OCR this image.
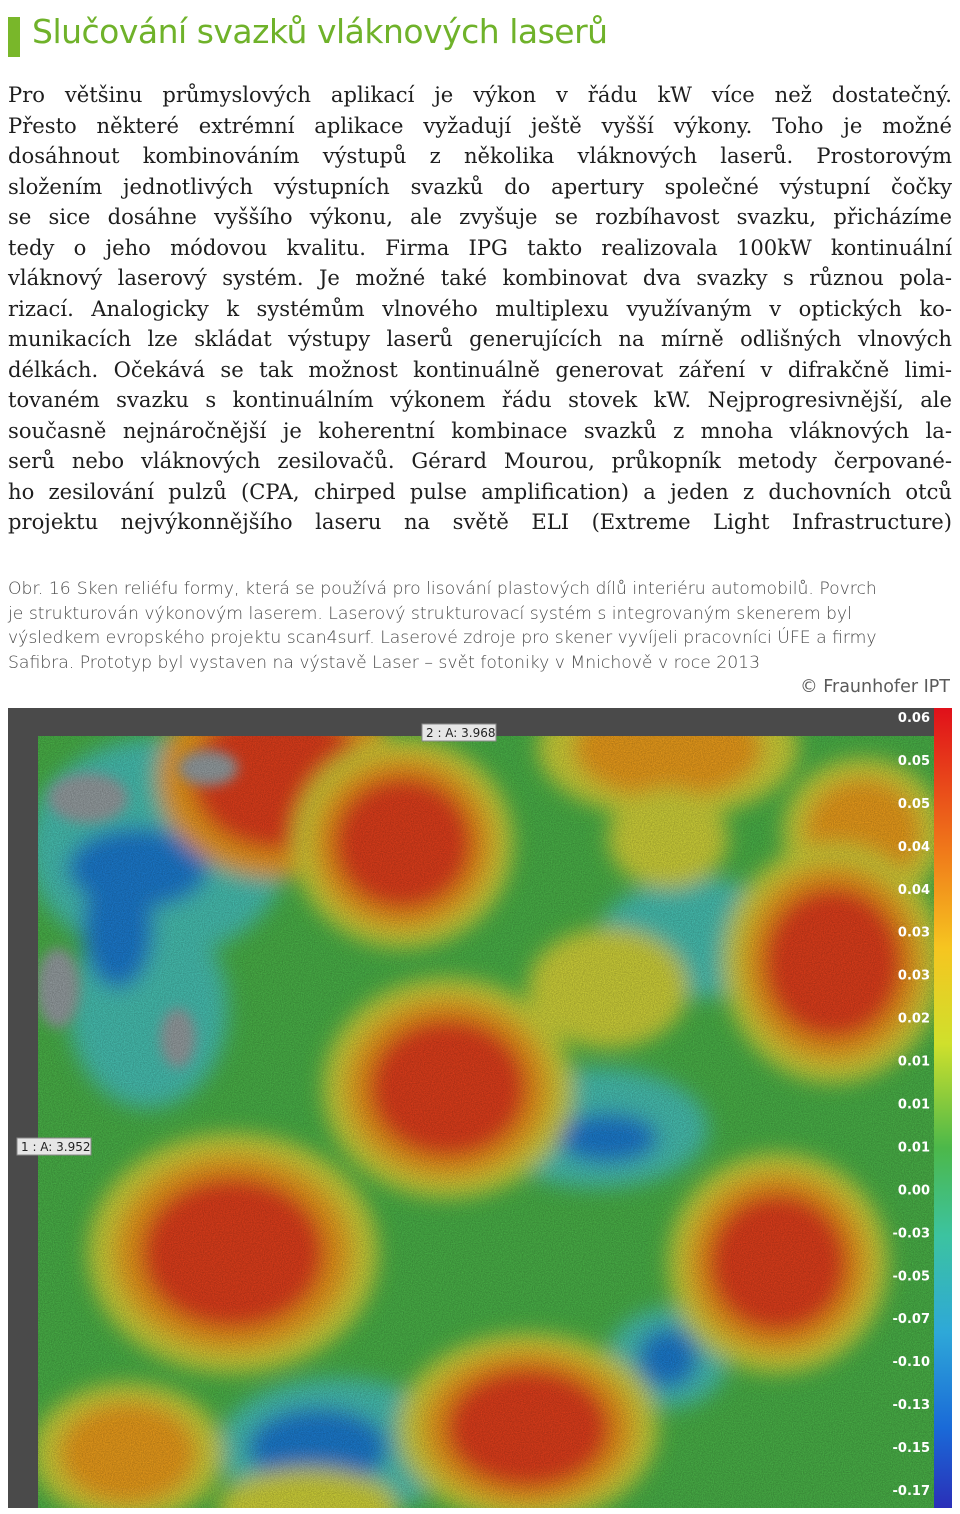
Slučování svazků vláknových laserů
Pro většinu průmyslových aplikací je výkon v řádu kW více než dostatečný.
Přesto některé extrémní aplikace vyžadují ještě vyšší výkony. Toho je možné
dosáhnout kombinováním výstupů z několika vláknových laserů. Prostorovým
složením jednotlivých výstupních svazků do apertury společné výstupní čočky
se sice dosáhne vyššího výkonu, ale zvyšuje se rozbíhavost svazku, přicházíme
tedy o jeho módovou kvalitu. Firma IPG takto realizovala 100kW kontinuální
vláknový laserový systém. Je možné také kombinovat dva svazky s různou pola-
rizací. Analogicky k systémům vlnového multiplexu využívaným v optických ko-
munikacích lze skládat výstupy laserů generujících na mírně odlišných vlnových
délkách. Očekává se tak možnost kontinuálně generovat záření v difrakčně limi-
tovaném svazku s kontinuálním výkonem řádu stovek kW. Nejprogresivnější, ale
současně nejnáročnější je koherentní kombinace svazků z mnoha vláknových la-
serů nebo vláknových zesilovačů. Gérard Mourou, průkopník metody čerpované-
ho zesilování pulzů (CPA, chirped pulse amplification) a jeden z duchovních otců
projektu nejvýkonnějšího laseru na světě ELI (Extreme Light Infrastructure)
Obr. 16 Sken reliéfu formy, která se používá pro lisování plastových dílů interiéru automobilů. Povrch
je strukturován výkonovým laserem. Laserový strukturovací systém s integrovaným skenerem byl
výsledkem evropského projektu scan4surf. Laserové zdroje pro skener vyvíjeli pracovníci ÚFE a firmy
Safibra. Prototyp byl vystaven na výstavě Laser – svět fotoniky v Mnichově v roce 2013
© Fraunhofer IPT
1 : A: 3.952
2 : A: 3.968
0.06
0.05
0.05
0.04
0.04
0.03
0.03
0.02
0.01
0.01
0.01
0.00
-0.03
-0.05
-0.07
-0.10
-0.13
-0.15
-0.17
